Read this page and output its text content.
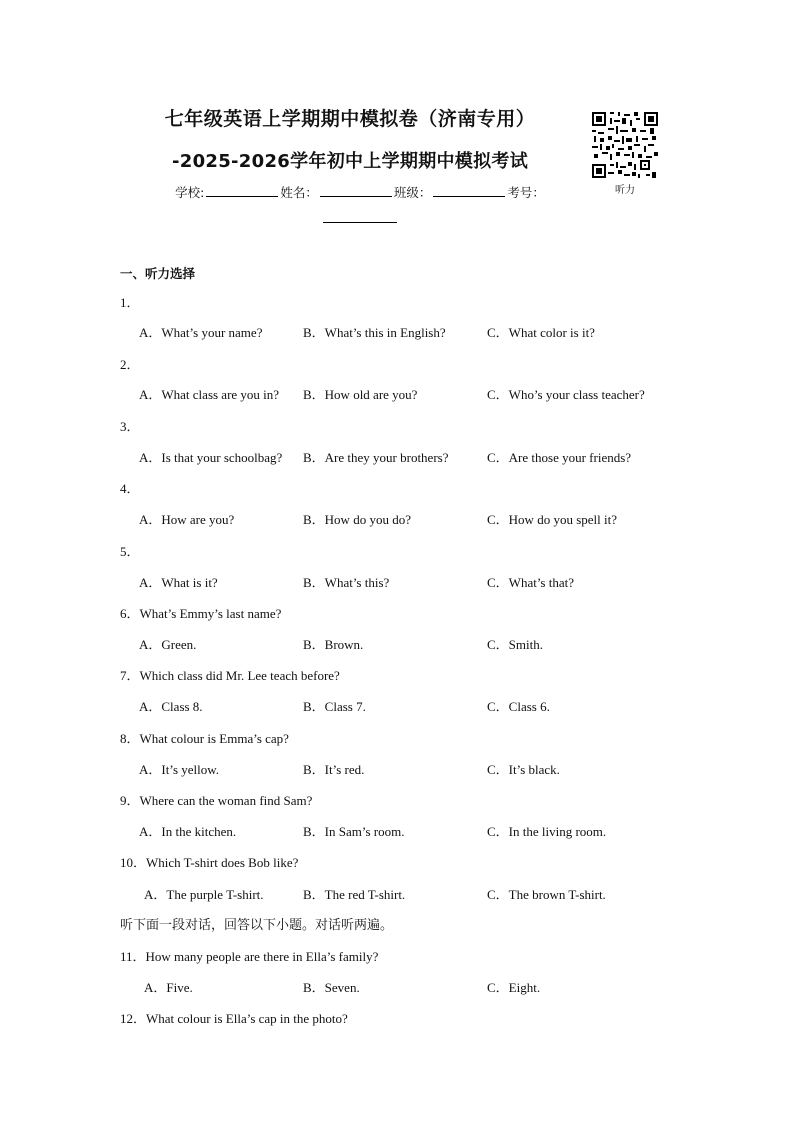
七年级英语上学期期中模拟卷（济南专用）
-2025-2026学年初中上学期期中模拟考试
学校:	姓名：	班级：	考号：	听力
一、听力选择
1．
A．What’s your name?	B．What’s this in English?	C．What color is it?
2．
A．What class are you in? B．How old are you?	C．Who’s your class teacher?
3．
A．Is that your schoolbag? B．Are they your brothers?	C．Are those your friends?
4．
A．How are you?	B．How do you do?	C．How do you spell it?
5．
A．What is it?	B．What’s this?	C．What’s that?
6．What’s Emmy’s last name?
A．Green.	B．Brown.	C．Smith.
7．Which class did Mr. Lee teach before?
A．Class 8.	B．Class 7.	C．Class 6.
8．What colour is Emma’s cap?
A．It’s yellow.	B．It’s red.	C．It’s black.
9．Where can the woman find Sam?
A．In the kitchen.	B．In Sam’s room.	C．In the living room.
10．Which T-shirt does Bob like?
A．The purple T-shirt.	B．The red T-shirt.	C．The brown T-shirt.
听下面一段对话，回答以下小题。对话听两遍。
11．How many people are there in Ella’s family?
A．Five.	B．Seven.	C．Eight.
12．What colour is Ella’s cap in the photo?
